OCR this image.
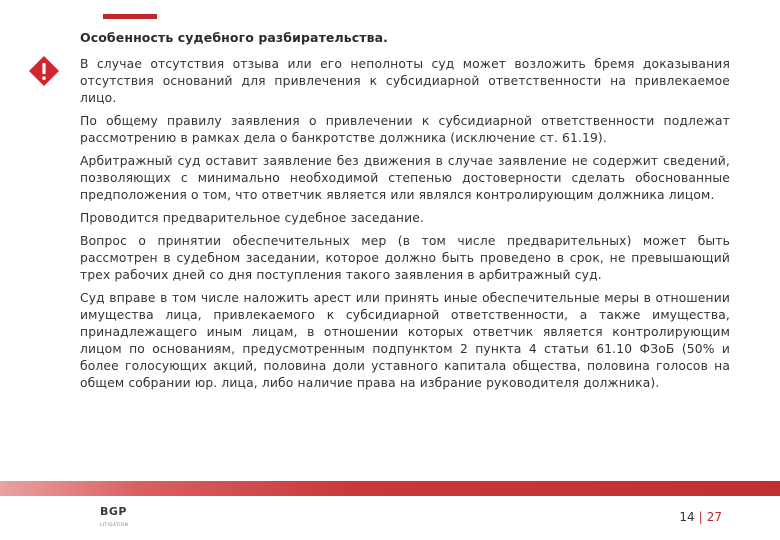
Особенность судебного разбирательства.

В случае отсутствия отзыва или его неполноты суд может возложить бремя доказывания отсутствия оснований для привлечения к субсидиарной ответственности на привлекаемое лицо.

По общему правилу заявления о привлечении к субсидиарной ответственности подлежат рассмотрению в рамках дела о банкротстве должника (исключение ст. 61.19).

Арбитражный суд оставит заявление без движения в случае заявление не содержит сведений, позволяющих с минимально необходимой степенью достоверности сделать обоснованные предположения о том, что ответчик является или являлся контролирующим должника лицом.

Проводится предварительное судебное заседание.

Вопрос о принятии обеспечительных мер (в том числе предварительных) может быть рассмотрен в судебном заседании, которое должно быть проведено в срок, не превышающий трех рабочих дней со дня поступления такого заявления в арбитражный суд.

Суд вправе в том числе наложить арест или принять иные обеспечительные меры в отношении имущества лица, привлекаемого к субсидиарной ответственности, а также имущества, принадлежащего иным лицам, в отношении которых ответчик является контролирующим лицом по основаниям, предусмотренным подпунктом 2 пункта 4 статьи 61.10 ФЗоБ (50% и более голосующих акций, половина доли уставного капитала общества, половина голосов на общем собрании юр. лица, либо наличие права на избрание руководителя должника).

BGP
LITIGATION
14 | 27
